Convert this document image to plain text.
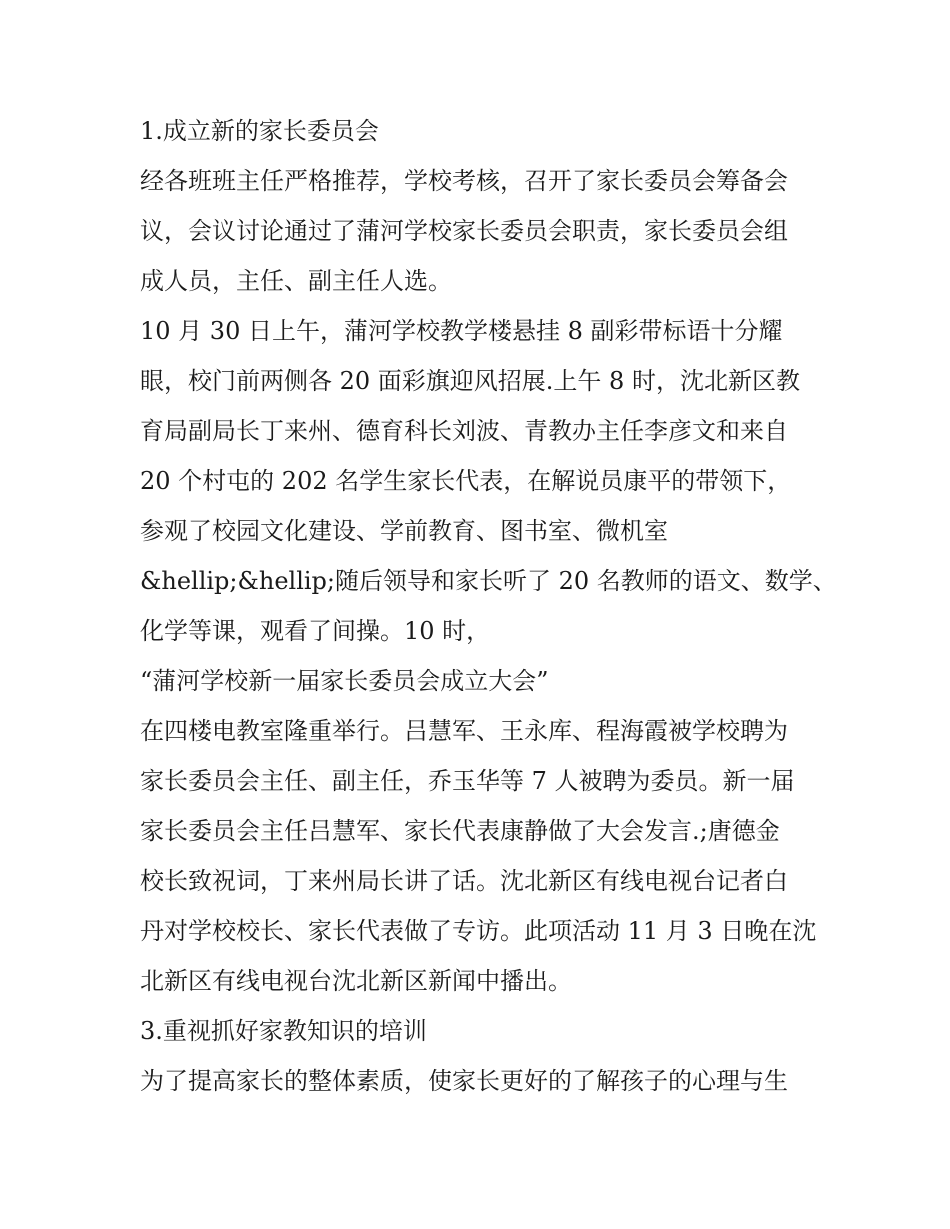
1.成立新的家长委员会

经各班班主任严格推荐，学校考核，召开了家长委员会筹备会

议，会议讨论通过了蒲河学校家长委员会职责，家长委员会组

成人员，主任、副主任人选。

10 月 30 日上午，蒲河学校教学楼悬挂 8 副彩带标语十分耀

眼，校门前两侧各 20 面彩旗迎风招展.上午 8 时，沈北新区教

育局副局长丁来州、德育科长刘波、青教办主任李彦文和来自

20 个村屯的 202 名学生家长代表，在解说员康平的带领下，

参观了校园文化建设、学前教育、图书室、微机室

&hellip;&hellip;随后领导和家长听了 20 名教师的语文、数学、

化学等课，观看了间操。10 时，

“蒲河学校新一届家长委员会成立大会”

在四楼电教室隆重举行。吕慧军、王永库、程海霞被学校聘为

家长委员会主任、副主任，乔玉华等 7 人被聘为委员。新一届

家长委员会主任吕慧军、家长代表康静做了大会发言.;唐德金

校长致祝词，丁来州局长讲了话。沈北新区有线电视台记者白

丹对学校校长、家长代表做了专访。此项活动 11 月 3 日晚在沈

北新区有线电视台沈北新区新闻中播出。

3.重视抓好家教知识的培训

为了提高家长的整体素质，使家长更好的了解孩子的心理与生
